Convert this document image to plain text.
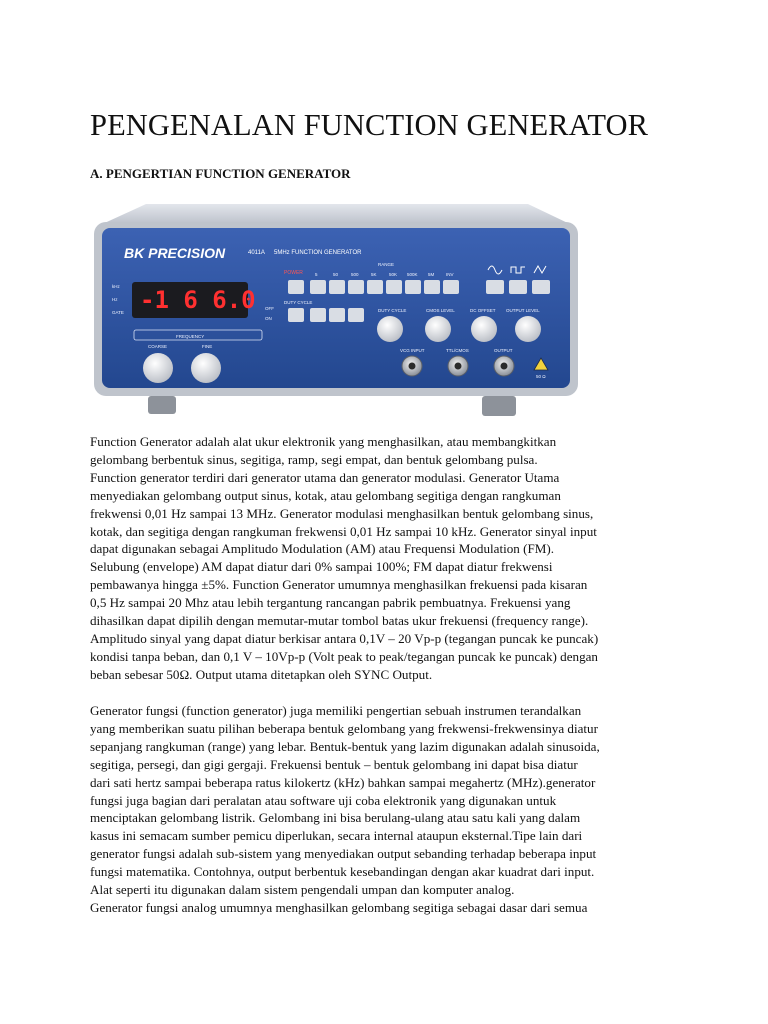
PENGENALAN FUNCTION GENERATOR
A. PENGERTIAN FUNCTION GENERATOR
BK PRECISION	4011A 5MHz FUNCTION GENERATOR
-1 6 6.0
kHz
Hz
GATE
RANGE
POWER	5	50	500	5K	50K 500K 5M	INV
DUTY CYCLE
OFF
ON
FREQUENCY
COARSE	FINE
DUTY CYCLE	CMOS LEVEL	DC OFFSET OUTPUT LEVEL
VCG INPUT	TTL/CMOS	OUTPUT
50 Ω
Function Generator adalah alat ukur elektronik yang menghasilkan, atau membangkitkan
gelombang berbentuk sinus, segitiga, ramp, segi empat, dan bentuk gelombang pulsa.
Function generator terdiri dari generator utama dan generator modulasi. Generator Utama
menyediakan gelombang output sinus, kotak, atau gelombang segitiga dengan rangkuman
frekwensi 0,01 Hz sampai 13 MHz. Generator modulasi menghasilkan bentuk gelombang sinus,
kotak, dan segitiga dengan rangkuman frekwensi 0,01 Hz sampai 10 kHz. Generator sinyal input
dapat digunakan sebagai Amplitudo Modulation (AM) atau Frequensi Modulation (FM).
Selubung (envelope) AM dapat diatur dari 0% sampai 100%; FM dapat diatur frekwensi
pembawanya hingga ±5%. Function Generator umumnya menghasilkan frekuensi pada kisaran
0,5 Hz sampai 20 Mhz atau lebih tergantung rancangan pabrik pembuatnya. Frekuensi yang
dihasilkan dapat dipilih dengan memutar-mutar tombol batas ukur frekuensi (frequency range).
Amplitudo sinyal yang dapat diatur berkisar antara 0,1V – 20 Vp-p (tegangan puncak ke puncak)
kondisi tanpa beban, dan 0,1 V – 10Vp-p (Volt peak to peak/tegangan puncak ke puncak) dengan
beban sebesar 50Ω. Output utama ditetapkan oleh SYNC Output.
Generator fungsi (function generator) juga memiliki pengertian sebuah instrumen terandalkan
yang memberikan suatu pilihan beberapa bentuk gelombang yang frekwensi-frekwensinya diatur
sepanjang rangkuman (range) yang lebar. Bentuk-bentuk yang lazim digunakan adalah sinusoida,
segitiga, persegi, dan gigi gergaji. Frekuensi bentuk – bentuk gelombang ini dapat bisa diatur
dari sati hertz sampai beberapa ratus kilokertz (kHz) bahkan sampai megahertz (MHz).generator
fungsi juga bagian dari peralatan atau software uji coba elektronik yang digunakan untuk
menciptakan gelombang listrik. Gelombang ini bisa berulang-ulang atau satu kali yang dalam
kasus ini semacam sumber pemicu diperlukan, secara internal ataupun eksternal.Tipe lain dari
generator fungsi adalah sub-sistem yang menyediakan output sebanding terhadap beberapa input
fungsi matematika. Contohnya, output berbentuk kesebandingan dengan akar kuadrat dari input.
Alat seperti itu digunakan dalam sistem pengendali umpan dan komputer analog.
Generator fungsi analog umumnya menghasilkan gelombang segitiga sebagai dasar dari semua
